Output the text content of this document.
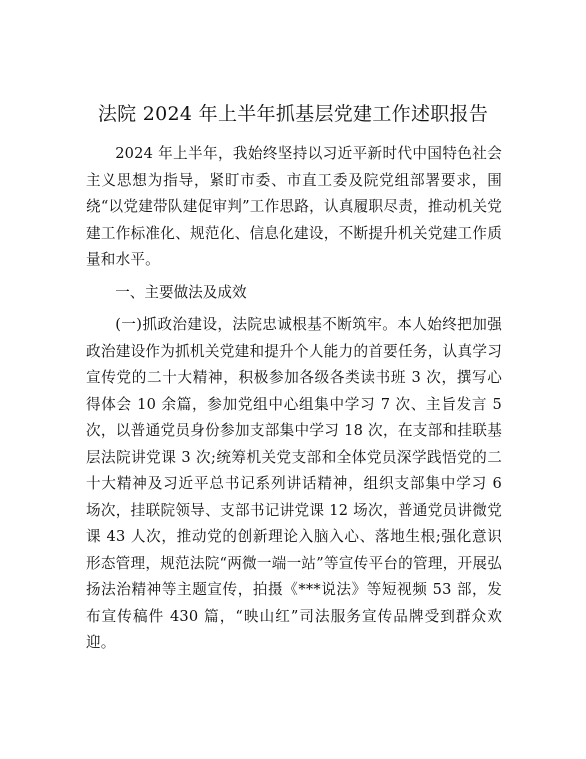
法院 2024 年上半年抓基层党建工作述职报告

2024 年上半年，我始终坚持以习近平新时代中国特色社会主义思想为指导，紧盯市委、市直工委及院党组部署要求，围绕“以党建带队建促审判”工作思路，认真履职尽责，推动机关党建工作标准化、规范化、信息化建设，不断提升机关党建工作质量和水平。

一、主要做法及成效

(一)抓政治建设，法院忠诚根基不断筑牢。本人始终把加强政治建设作为抓机关党建和提升个人能力的首要任务，认真学习宣传党的二十大精神，积极参加各级各类读书班 3 次，撰写心得体会 10 余篇，参加党组中心组集中学习 7 次、主旨发言 5 次，以普通党员身份参加支部集中学习 18 次，在支部和挂联基层法院讲党课 3 次;统筹机关党支部和全体党员深学践悟党的二十大精神及习近平总书记系列讲话精神，组织支部集中学习 6 场次，挂联院领导、支部书记讲党课 12 场次，普通党员讲微党课 43 人次，推动党的创新理论入脑入心、落地生根;强化意识形态管理，规范法院“两微一端一站”等宣传平台的管理，开展弘扬法治精神等主题宣传，拍摄《***说法》等短视频 53 部，发布宣传稿件 430 篇，“映山红”司法服务宣传品牌受到群众欢迎。
